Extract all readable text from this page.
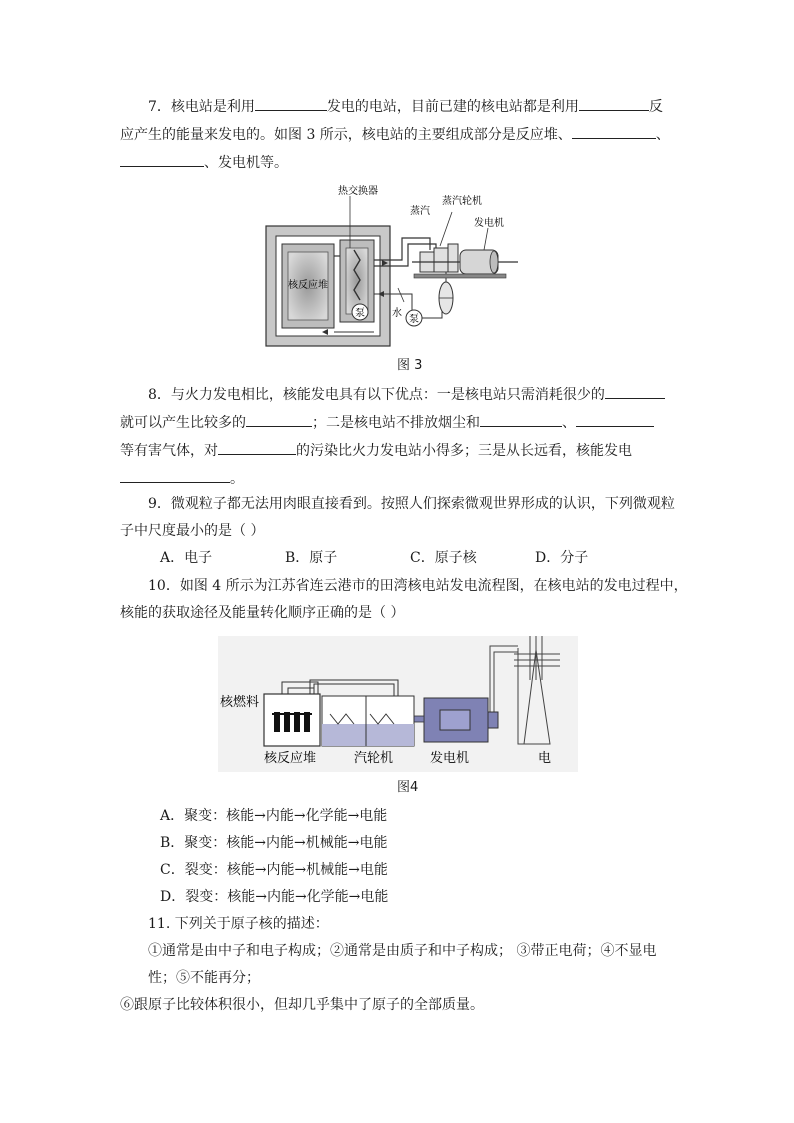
7．核电站是利用	发电的电站，目前已建的核电站都是利用	反
应产生的能量来发电的。如图 3 所示，核电站的主要组成部分是反应堆、	、
、发电机等。
泵
泵
热交换器
蒸汽
蒸汽轮机
发电机
核反应堆
水
图 3
8．与火力发电相比，核能发电具有以下优点：一是核电站只需消耗很少的
就可以产生比较多的	；二是核电站不排放烟尘和	、
等有害气体，对	的污染比火力发电站小得多；三是从长远看，核能发电
。
9．微观粒子都无法用肉眼直接看到。按照人们探索微观世界形成的认识，下列微观粒
子中尺度最小的是（ ）
A．电子	B．原子	C．原子核	D．分子
10．如图 4 所示为江苏省连云港市的田湾核电站发电流程图，在核电站的发电过程中，
核能的获取途径及能量转化顺序正确的是（ ）
核燃料
核反应堆	汽轮机	发电机	电
图4
A．聚变：核能→内能→化学能→电能
B．聚变：核能→内能→机械能→电能
C．裂变：核能→内能→机械能→电能
D．裂变：核能→内能→化学能→电能
11. 下列关于原子核的描述：
①通常是由中子和电子构成；②通常是由质子和中子构成； ③带正电荷；④不显电
性；⑤不能再分；
⑥跟原子比较体积很小，但却几乎集中了原子的全部质量。
